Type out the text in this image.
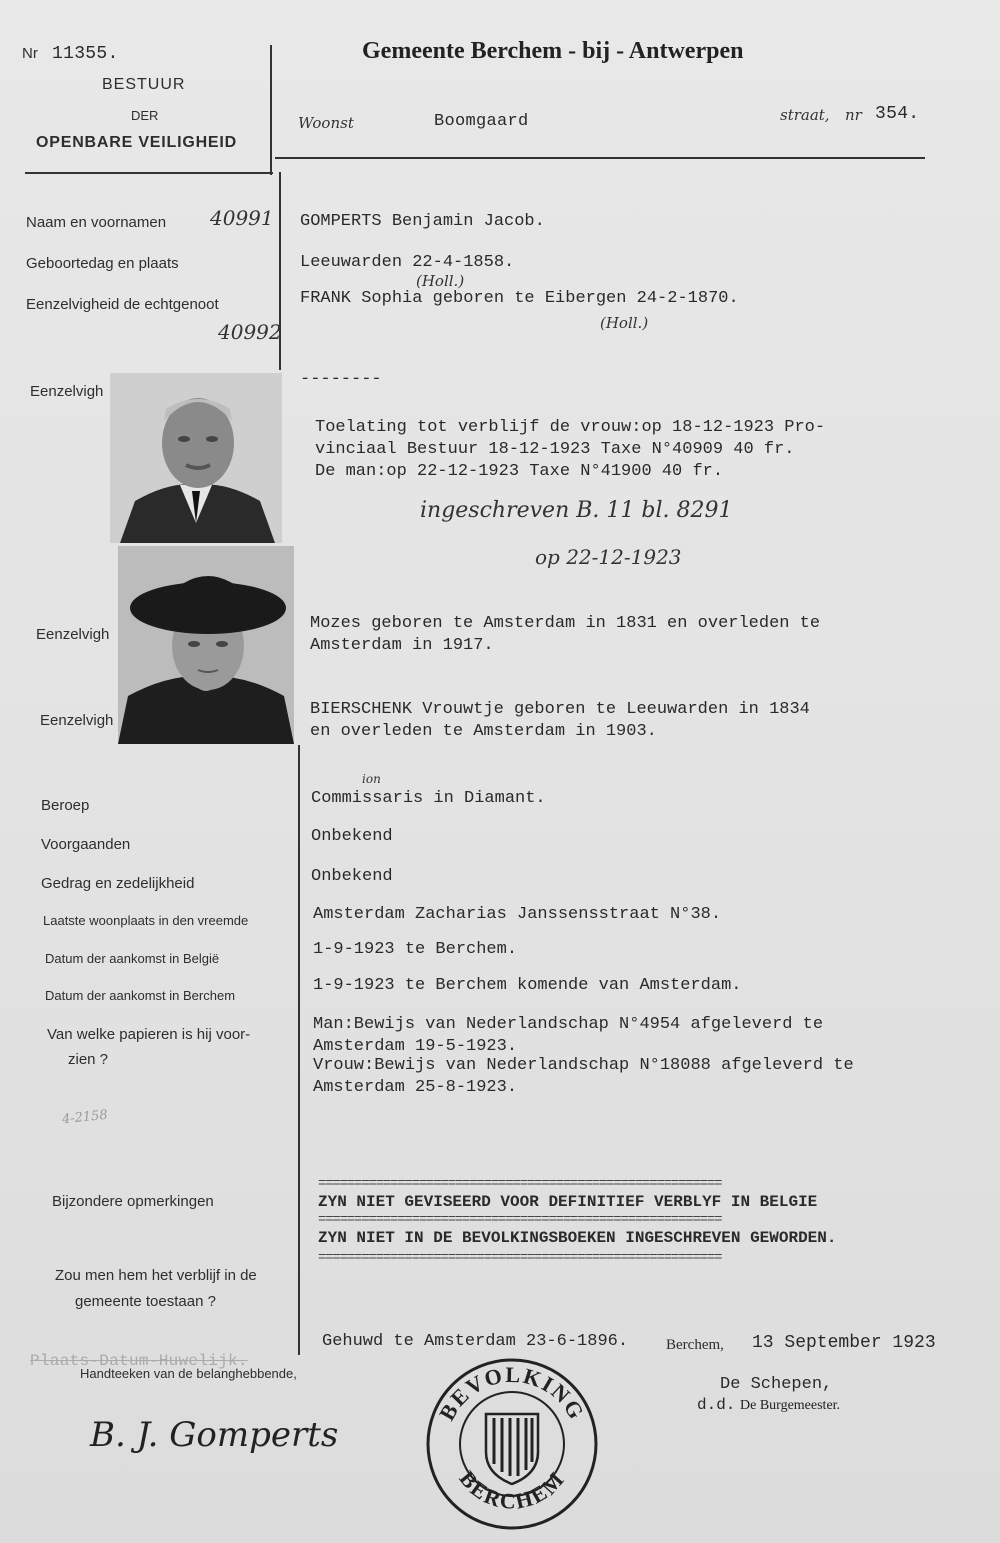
Nr 11355.
BESTUUR
DER
OPENBARE VEILIGHEID
Gemeente Berchem - bij - Antwerpen
Woonst	Boomgaard	straat, nr 354.
Naam en voornamen 40991
Geboortedag en plaats
Eenzelvigheid de echtgenoot
40992
Eenzelvigh
Eenzelvigh
Eenzelvigh
Beroep
Voorgaanden
Gedrag en zedelijkheid
Laatste woonplaats in den vreemde
Datum der aankomst in België
Datum der aankomst in Berchem
Van welke papieren is hij voor-
zien ?
4-2158
Bijzondere opmerkingen
Zou men hem het verblijf in de
gemeente toestaan ?
GOMPERTS Benjamin Jacob.
Leeuwarden 22-4-1858.
(Holl.)
FRANK Sophia geboren te Eibergen 24-2-1870.
(Holl.)
--------
Toelating tot verblijf de vrouw:op 18-12-1923 Pro-
vinciaal Bestuur 18-12-1923 Taxe N°40909 40 fr.
De man:op 22-12-1923 Taxe N°41900 40 fr.
ingeschreven B. 11 bl. 8291
op 22-12-1923
Mozes geboren te Amsterdam in 1831 en overleden te
Amsterdam in 1917.
BIERSCHENK Vrouwtje geboren te Leeuwarden in 1834
en overleden te Amsterdam in 1903.
Commissaris in Diamant.
ion
Onbekend
Onbekend
Amsterdam Zacharias Janssensstraat N°38.
1-9-1923 te Berchem.
1-9-1923 te Berchem komende van Amsterdam.
Man:Bewijs van Nederlandschap N°4954 afgeleverd te
Amsterdam 19-5-1923.
Vrouw:Bewijs van Nederlandschap N°18088 afgeleverd te
Amsterdam 25-8-1923.
========================================================
ZYN NIET GEVISEERD VOOR DEFINITIEF VERBLYF IN BELGIE
========================================================
ZYN NIET IN DE BEVOLKINGSBOEKEN INGESCHREVEN GEWORDEN.
========================================================
Plaats-Datum-Huwelijk.
Gehuwd te Amsterdam 23-6-1896.
Handteeken van de belanghebbende,
B. J. Gomperts
Berchem, 13 September 1923
De Schepen,
d.d. De Burgemeester.
BEVOLKING
BERCHEM
